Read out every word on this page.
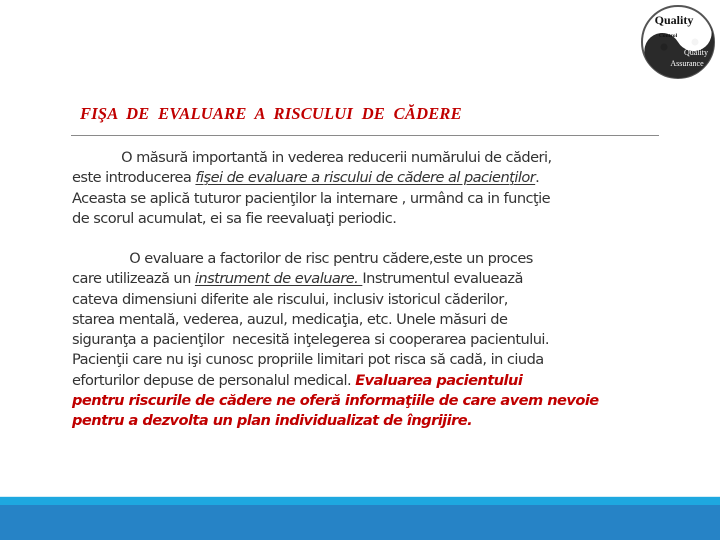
Quality
Control
Quality
Assurance
FIŞA  DE  EVALUARE  A  RISCULUI  DE  CĂDERE
O măsură importantă in vederea reducerii numărului de căderi,
este introducerea fişei de evaluare a riscului de cădere al pacienţilor.
Aceasta se aplică tuturor pacienţilor la internare , urmând ca in funcţie
de scorul acumulat, ei sa fie reevaluaţi periodic.
O evaluare a factorilor de risc pentru cădere,este un proces
care utilizează un instrument de evaluare. Instrumentul evaluează
cateva dimensiuni diferite ale riscului, inclusiv istoricul căderilor,
starea mentală, vederea, auzul, medicaţia, etc. Unele măsuri de
siguranţa a pacienţilor  necesită inţelegerea si cooperarea pacientului.
Pacienţii care nu işi cunosc propriile limitari pot risca să cadă, in ciuda
eforturilor depuse de personalul medical. Evaluarea pacientului
pentru riscurile de cădere ne oferă informaţiile de care avem nevoie
pentru a dezvolta un plan individualizat de îngrijire.
